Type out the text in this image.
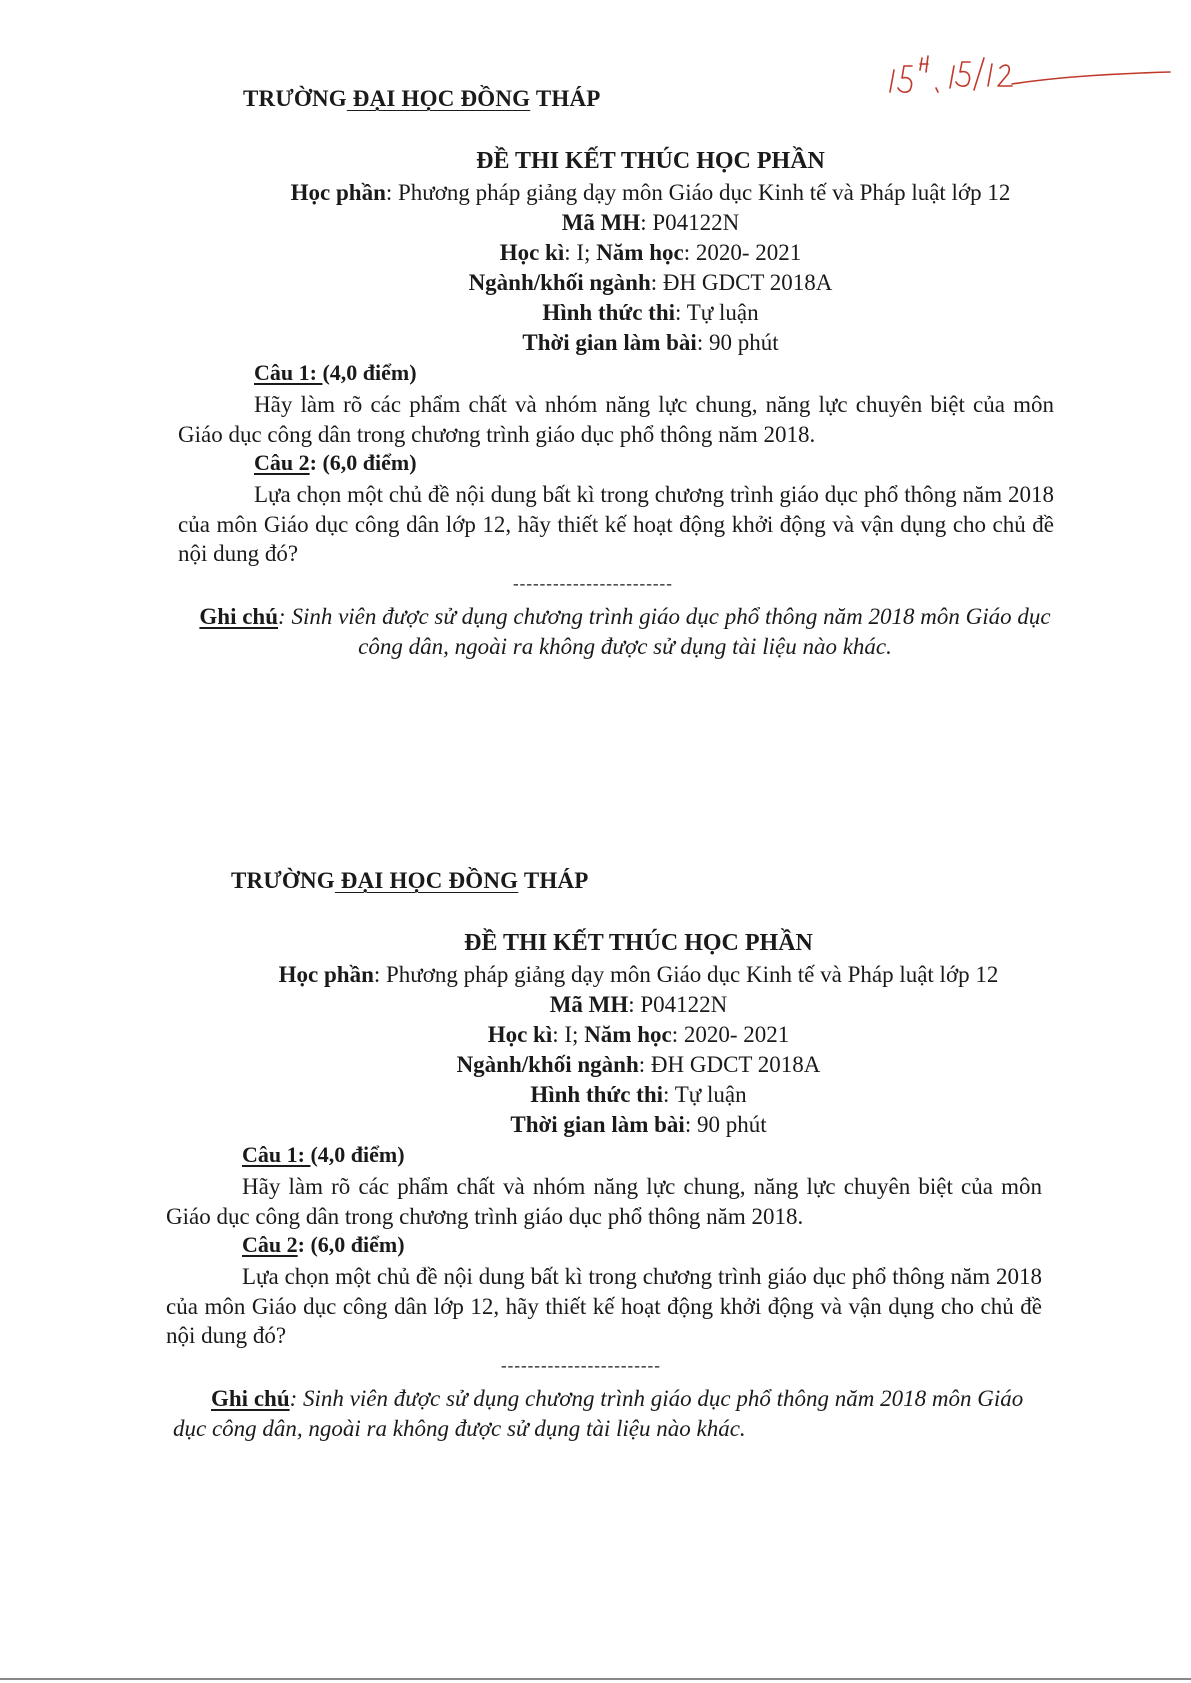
TRƯỜNG ĐẠI HỌC ĐỒNG THÁP
ĐỀ THI KẾT THÚC HỌC PHẦN
Học phần: Phương pháp giảng dạy môn Giáo dục Kinh tế và Pháp luật lớp 12
Mã MH: P04122N
Học kì: I; Năm học: 2020- 2021
Ngành/khối ngành: ĐH GDCT 2018A
Hình thức thi: Tự luận
Thời gian làm bài: 90 phút
Câu 1: (4,0 điểm)
Hãy làm rõ các phẩm chất và nhóm năng lực chung, năng lực chuyên biệt của môn Giáo dục công dân trong chương trình giáo dục phổ thông năm 2018.
Câu 2: (6,0 điểm)
Lựa chọn một chủ đề nội dung bất kì trong chương trình giáo dục phổ thông năm 2018 của môn Giáo dục công dân lớp 12, hãy thiết kế hoạt động khởi động và vận dụng cho chủ đề nội dung đó?
------------------------
Ghi chú: Sinh viên được sử dụng chương trình giáo dục phổ thông năm 2018 môn Giáo dục công dân, ngoài ra không được sử dụng tài liệu nào khác.
TRƯỜNG ĐẠI HỌC ĐỒNG THÁP
ĐỀ THI KẾT THÚC HỌC PHẦN
Học phần: Phương pháp giảng dạy môn Giáo dục Kinh tế và Pháp luật lớp 12
Mã MH: P04122N
Học kì: I; Năm học: 2020- 2021
Ngành/khối ngành: ĐH GDCT 2018A
Hình thức thi: Tự luận
Thời gian làm bài: 90 phút
Câu 1: (4,0 điểm)
Hãy làm rõ các phẩm chất và nhóm năng lực chung, năng lực chuyên biệt của môn Giáo dục công dân trong chương trình giáo dục phổ thông năm 2018.
Câu 2: (6,0 điểm)
Lựa chọn một chủ đề nội dung bất kì trong chương trình giáo dục phổ thông năm 2018 của môn Giáo dục công dân lớp 12, hãy thiết kế hoạt động khởi động và vận dụng cho chủ đề nội dung đó?
------------------------
Ghi chú: Sinh viên được sử dụng chương trình giáo dục phổ thông năm 2018 môn Giáo dục công dân, ngoài ra không được sử dụng tài liệu nào khác.
